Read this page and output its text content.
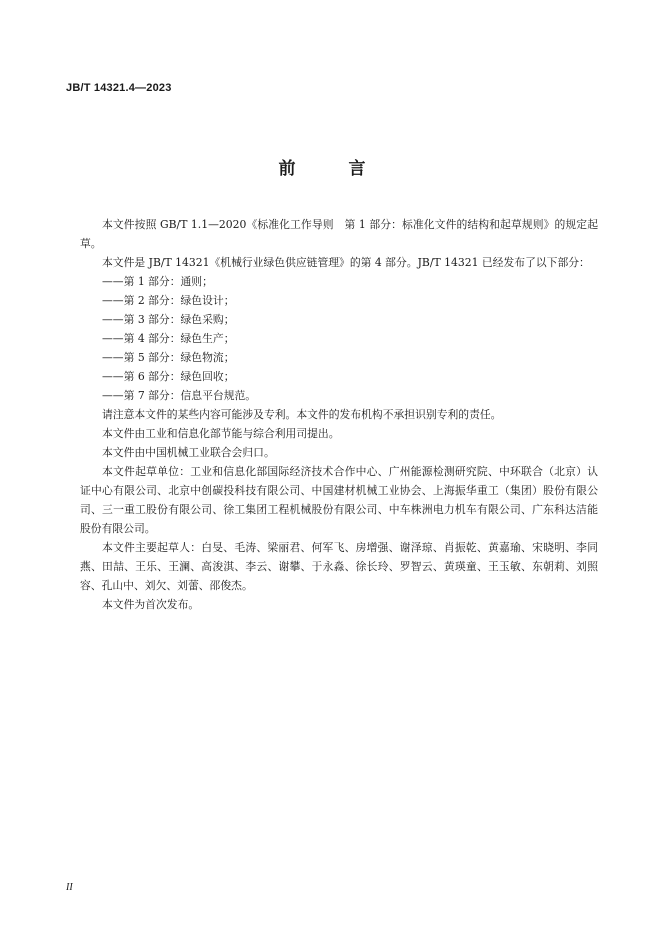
JB/T 14321.4—2023
前　言

本文件按照 GB/T 1.1—2020《标准化工作导则　第 1 部分：标准化文件的结构和起草规则》的规定起草。

本文件是 JB/T 14321《机械行业绿色供应链管理》的第 4 部分。JB/T 14321 已经发布了以下部分：

——第 1 部分：通则；

——第 2 部分：绿色设计；

——第 3 部分：绿色采购；

——第 4 部分：绿色生产；

——第 5 部分：绿色物流；

——第 6 部分：绿色回收；

——第 7 部分：信息平台规范。

请注意本文件的某些内容可能涉及专利。本文件的发布机构不承担识别专利的责任。

本文件由工业和信息化部节能与综合利用司提出。

本文件由中国机械工业联合会归口。

本文件起草单位：工业和信息化部国际经济技术合作中心、广州能源检测研究院、中环联合（北京）认证中心有限公司、北京中创碳投科技有限公司、中国建材机械工业协会、上海振华重工（集团）股份有限公司、三一重工股份有限公司、徐工集团工程机械股份有限公司、中车株洲电力机车有限公司、广东科达洁能股份有限公司。

本文件主要起草人：白旻、毛涛、梁丽君、何军飞、房增强、谢泽琼、肖振乾、黄嘉瑜、宋晓明、李同燕、田喆、王乐、王澜、高浚淇、李云、谢攀、于永淼、徐长玲、罗智云、黄瑛童、王玉敏、东朝莉、刘照容、孔山中、刘欠、刘蕾、邵俊杰。

本文件为首次发布。

II
